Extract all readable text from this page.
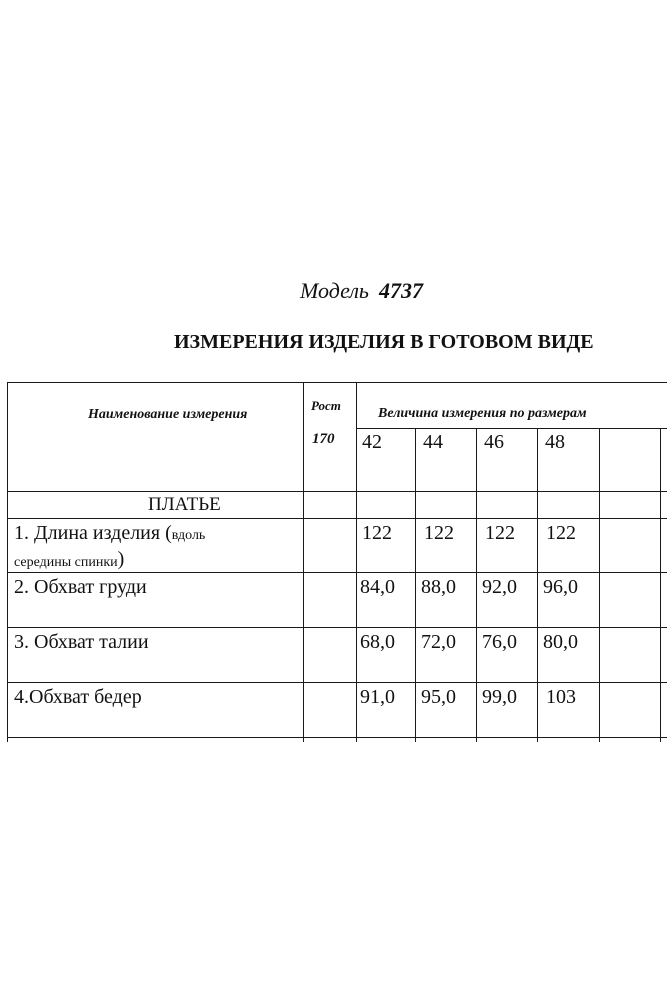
Модель 4737
ИЗМЕРЕНИЯ ИЗДЕЛИЯ В ГОТОВОМ ВИДЕ
Наименование измерения
Рост
170
Величина измерения по размерам
42 44 46 48
ПЛАТЬЕ
1. Длина изделия (вдоль
середины спинки)
122 122 122 122
2. Обхват груди	84,0 88,0 92,0 96,0
3. Обхват талии	68,0 72,0 76,0 80,0
4.Обхват бедер	91,0 95,0 99,0 103
